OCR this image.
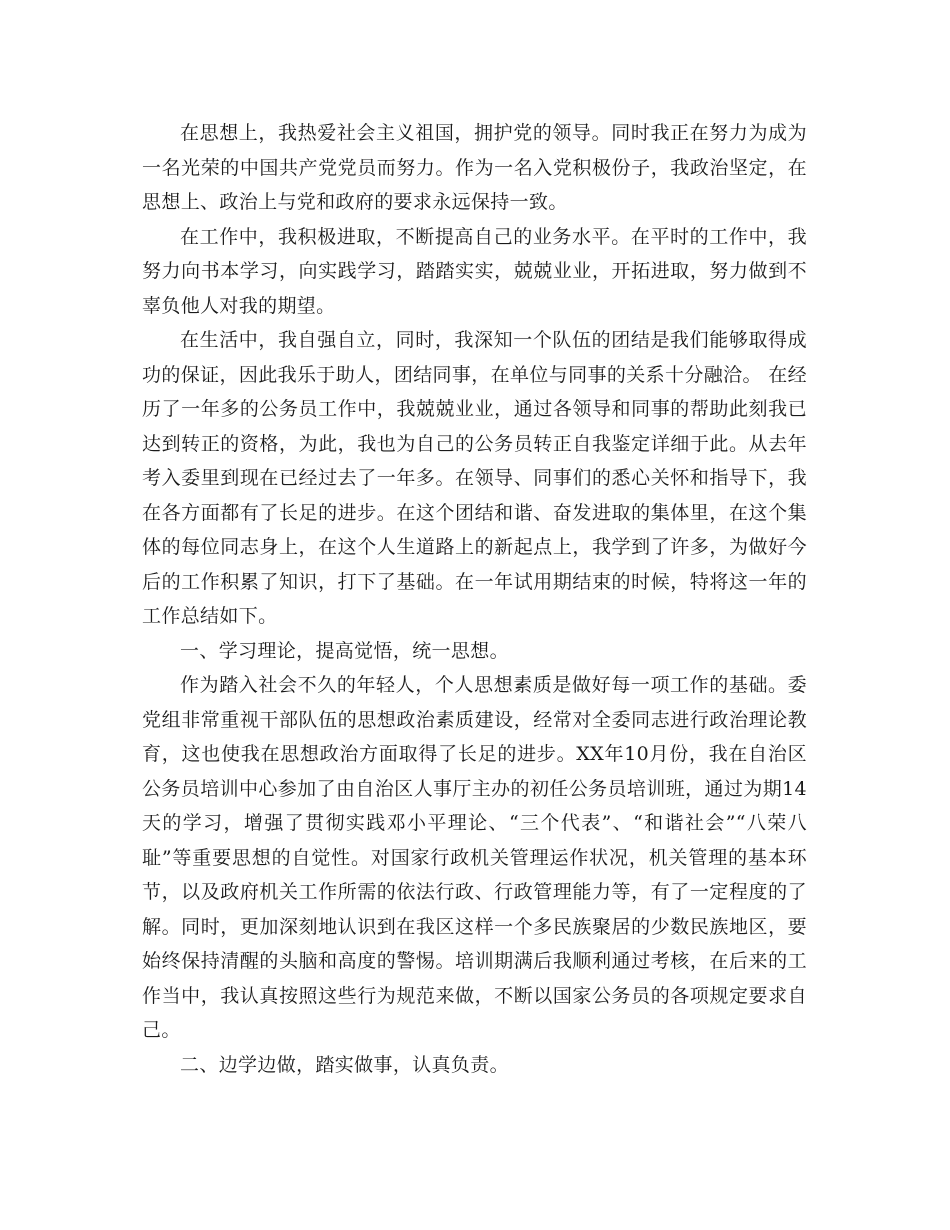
在思想上，我热爱社会主义祖国，拥护党的领导。同时我正在努力为成为一名光荣的中国共产党党员而努力。作为一名入党积极份子，我政治坚定，在思想上、政治上与党和政府的要求永远保持一致。

在工作中，我积极进取，不断提高自己的业务水平。在平时的工作中，我努力向书本学习，向实践学习，踏踏实实，兢兢业业，开拓进取，努力做到不辜负他人对我的期望。

在生活中，我自强自立，同时，我深知一个队伍的团结是我们能够取得成功的保证，因此我乐于助人，团结同事，在单位与同事的关系十分融洽。 在经历了一年多的公务员工作中，我兢兢业业，通过各领导和同事的帮助此刻我已达到转正的资格，为此，我也为自己的公务员转正自我鉴定详细于此。从去年考入委里到现在已经过去了一年多。在领导、同事们的悉心关怀和指导下，我在各方面都有了长足的进步。在这个团结和谐、奋发进取的集体里，在这个集体的每位同志身上，在这个人生道路上的新起点上，我学到了许多，为做好今后的工作积累了知识，打下了基础。在一年试用期结束的时候，特将这一年的工作总结如下。

一、学习理论，提高觉悟，统一思想。

作为踏入社会不久的年轻人，个人思想素质是做好每一项工作的基础。委党组非常重视干部队伍的思想政治素质建设，经常对全委同志进行政治理论教育，这也使我在思想政治方面取得了长足的进步。XX年10月份，我在自治区公务员培训中心参加了由自治区人事厅主办的初任公务员培训班，通过为期14天的学习，增强了贯彻实践邓小平理论、“三个代表”、“和谐社会”“八荣八耻”等重要思想的自觉性。对国家行政机关管理运作状况，机关管理的基本环节，以及政府机关工作所需的依法行政、行政管理能力等，有了一定程度的了解。同时，更加深刻地认识到在我区这样一个多民族聚居的少数民族地区，要始终保持清醒的头脑和高度的警惕。培训期满后我顺利通过考核，在后来的工作当中，我认真按照这些行为规范来做，不断以国家公务员的各项规定要求自己。

二、边学边做，踏实做事，认真负责。
